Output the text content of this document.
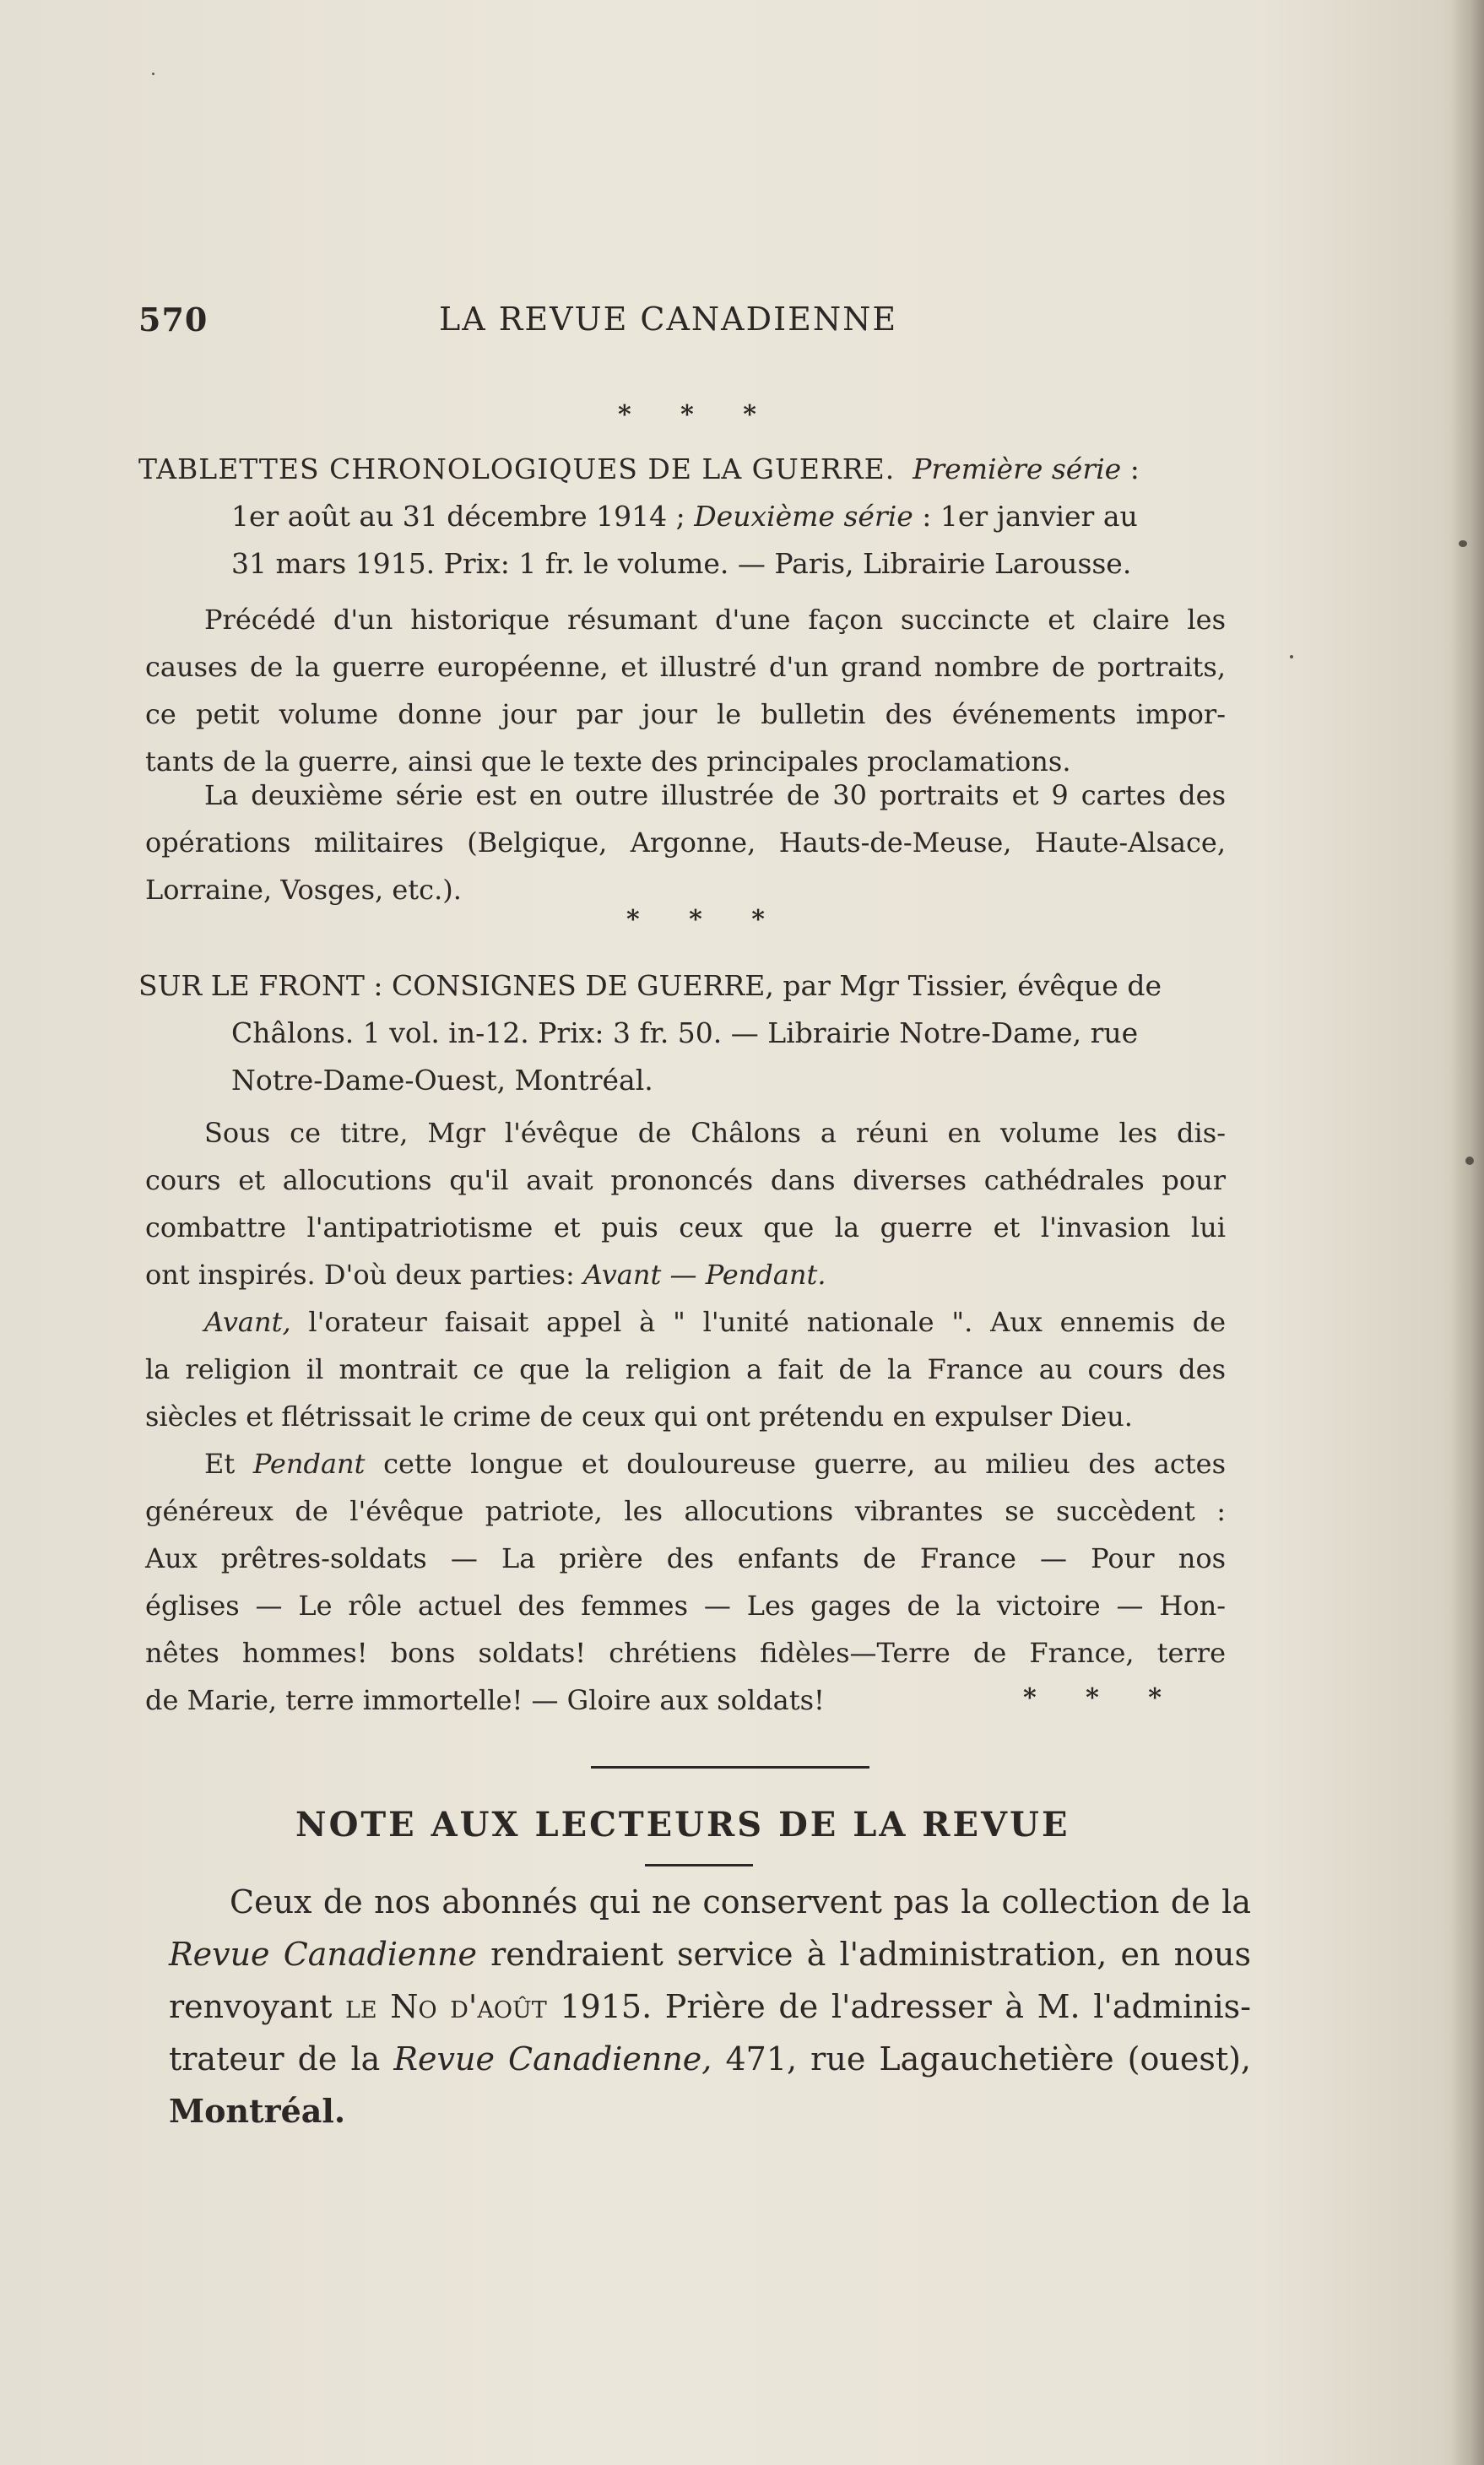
570	LA REVUE CANADIENNE
* * *
TABLETTES CHRONOLOGIQUES DE LA GUERRE. Première série :
1er août au 31 décembre 1914 ; Deuxième série : 1er janvier au
31 mars 1915. Prix: 1 fr. le volume. — Paris, Librairie Larousse.
Précédé d'un historique résumant d'une façon succincte et claire les
causes de la guerre européenne, et illustré d'un grand nombre de portraits,
ce petit volume donne jour par jour le bulletin des événements impor-
tants de la guerre, ainsi que le texte des principales proclamations.
La deuxième série est en outre illustrée de 30 portraits et 9 cartes des
opérations militaires (Belgique, Argonne, Hauts-de-Meuse, Haute-Alsace,
Lorraine, Vosges, etc.).
* * *
SUR LE FRONT : CONSIGNES DE GUERRE, par Mgr Tissier, évêque de
Châlons. 1 vol. in-12. Prix: 3 fr. 50. — Librairie Notre-Dame, rue
Notre-Dame-Ouest, Montréal.
Sous ce titre, Mgr l'évêque de Châlons a réuni en volume les dis-
cours et allocutions qu'il avait prononcés dans diverses cathédrales pour
combattre l'antipatriotisme et puis ceux que la guerre et l'invasion lui
ont inspirés. D'où deux parties: Avant — Pendant.
Avant, l'orateur faisait appel à " l'unité nationale ". Aux ennemis de
la religion il montrait ce que la religion a fait de la France au cours des
siècles et flétrissait le crime de ceux qui ont prétendu en expulser Dieu.
Et Pendant cette longue et douloureuse guerre, au milieu des actes
généreux de l'évêque patriote, les allocutions vibrantes se succèdent :
Aux prêtres-soldats — La prière des enfants de France — Pour nos
églises — Le rôle actuel des femmes — Les gages de la victoire — Hon-
nêtes hommes! bons soldats! chrétiens fidèles—Terre de France, terre
de Marie, terre immortelle! — Gloire aux soldats!	* * *
NOTE AUX LECTEURS DE LA REVUE
Ceux de nos abonnés qui ne conservent pas la collection de la
Revue Canadienne rendraient service à l'administration, en nous
renvoyant le No d'août 1915. Prière de l'adresser à M. l'adminis-
trateur de la Revue Canadienne, 471, rue Lagauchetière (ouest),
Montréal.
